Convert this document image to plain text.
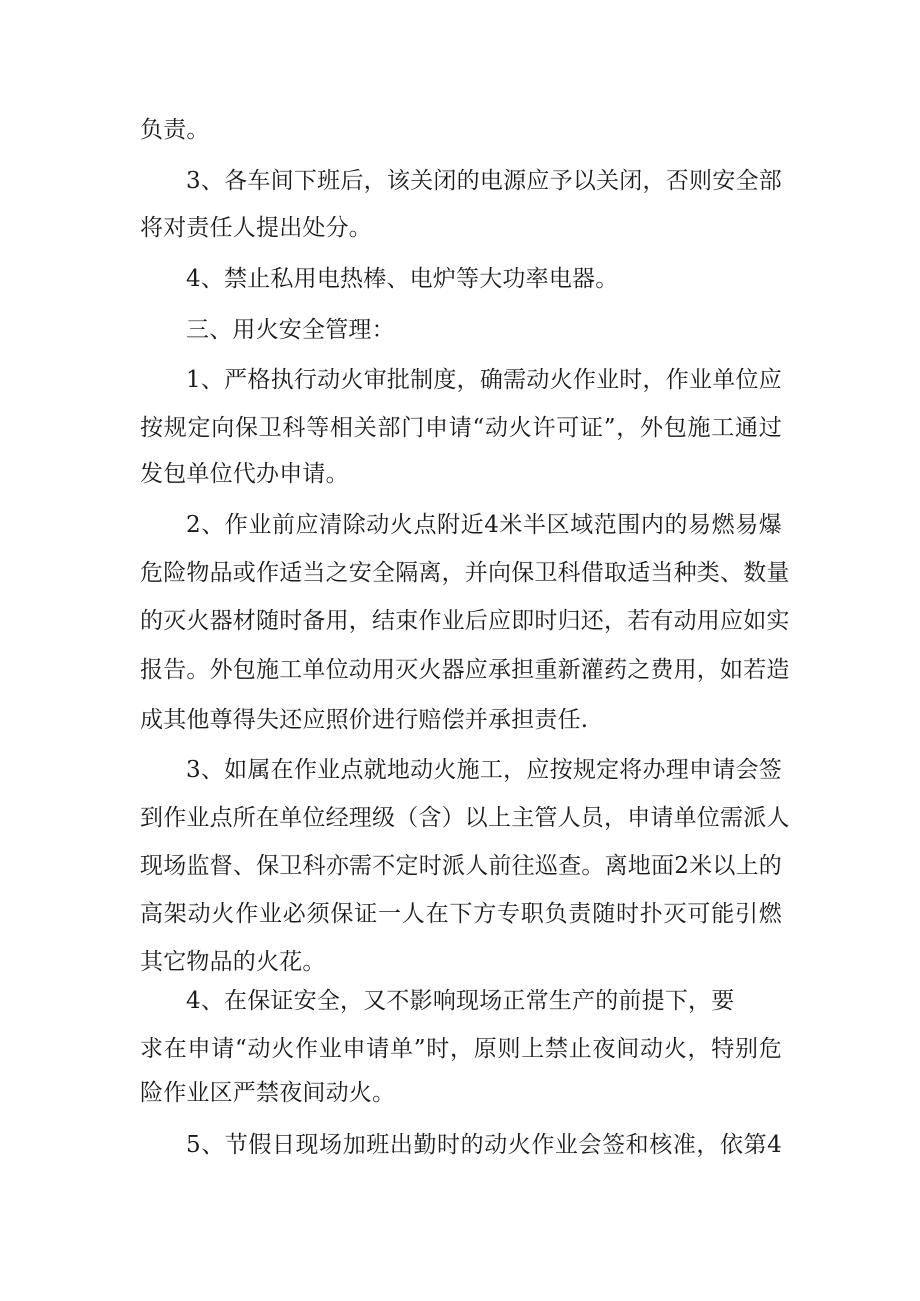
负责。
3、各车间下班后，该关闭的电源应予以关闭，否则安全部
将对责任人提出处分。
4、禁止私用电热棒、电炉等大功率电器。
三、用火安全管理：
1、严格执行动火审批制度，确需动火作业时，作业单位应
按规定向保卫科等相关部门申请“动火许可证”，外包施工通过
发包单位代办申请。
2、作业前应清除动火点附近4米半区域范围内的易燃易爆
危险物品或作适当之安全隔离，并向保卫科借取适当种类、数量
的灭火器材随时备用，结束作业后应即时归还，若有动用应如实
报告。外包施工单位动用灭火器应承担重新灌药之费用，如若造
成其他尊得失还应照价进行赔偿并承担责任.
3、如属在作业点就地动火施工，应按规定将办理申请会签
到作业点所在单位经理级（含）以上主管人员，申请单位需派人
现场监督、保卫科亦需不定时派人前往巡查。离地面2米以上的
高架动火作业必须保证一人在下方专职负责随时扑灭可能引燃
其它物品的火花。
4、在保证安全，又不影响现场正常生产的前提下，要
求在申请“动火作业申请单”时，原则上禁止夜间动火，特别危
险作业区严禁夜间动火。
5、节假日现场加班出勤时的动火作业会签和核准，依第4
